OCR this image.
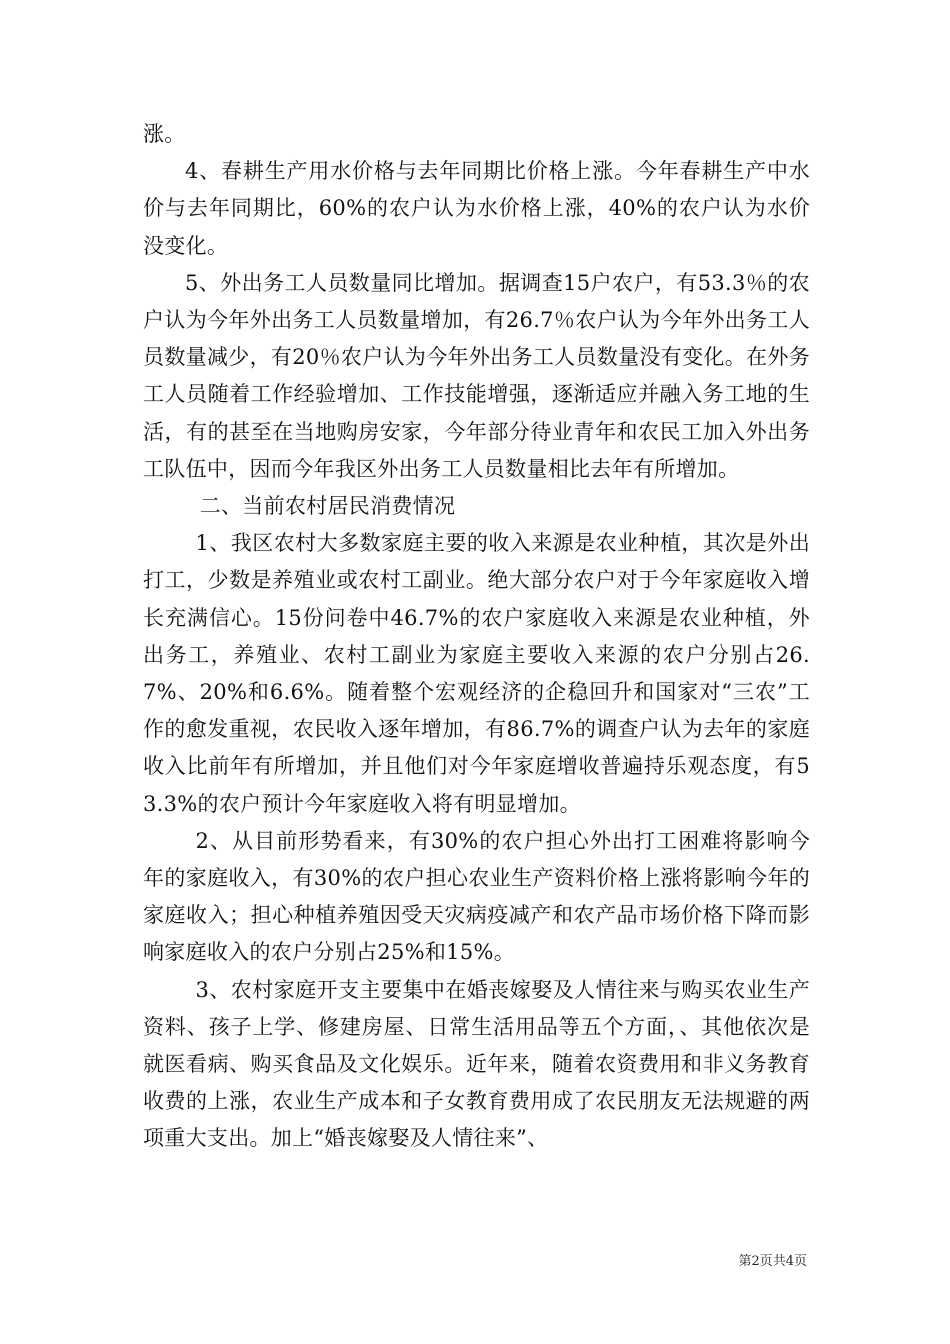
涨。

4、春耕生产用水价格与去年同期比价格上涨。今年春耕生产中水价与去年同期比，60%的农户认为水价格上涨，40%的农户认为水价没变化。

5、外出务工人员数量同比增加。据调查15户农户，有53.3％的农户认为今年外出务工人员数量增加，有26.7％农户认为今年外出务工人员数量减少，有20％农户认为今年外出务工人员数量没有变化。在外务工人员随着工作经验增加、工作技能增强，逐渐适应并融入务工地的生活，有的甚至在当地购房安家，今年部分待业青年和农民工加入外出务工队伍中，因而今年我区外出务工人员数量相比去年有所增加。

二、当前农村居民消费情况

1、我区农村大多数家庭主要的收入来源是农业种植，其次是外出打工，少数是养殖业或农村工副业。绝大部分农户对于今年家庭收入增长充满信心。15份问卷中46.7%的农户家庭收入来源是农业种植，外出务工，养殖业、农村工副业为家庭主要收入来源的农户分别占26.7%、20%和6.6%。随着整个宏观经济的企稳回升和国家对“三农”工作的愈发重视，农民收入逐年增加，有86.7%的调查户认为去年的家庭收入比前年有所增加，并且他们对今年家庭增收普遍持乐观态度，有53.3%的农户预计今年家庭收入将有明显增加。

2、从目前形势看来，有30%的农户担心外出打工困难将影响今年的家庭收入，有30%的农户担心农业生产资料价格上涨将影响今年的家庭收入；担心种植养殖因受天灾病疫减产和农产品市场价格下降而影响家庭收入的农户分别占25%和15%。

3、农村家庭开支主要集中在婚丧嫁娶及人情往来与购买农业生产资料、孩子上学、修建房屋、日常生活用品等五个方面，、其他依次是就医看病、购买食品及文化娱乐。近年来，随着农资费用和非义务教育收费的上涨，农业生产成本和子女教育费用成了农民朋友无法规避的两项重大支出。加上“婚丧嫁娶及人情往来”、

第2页共4页
